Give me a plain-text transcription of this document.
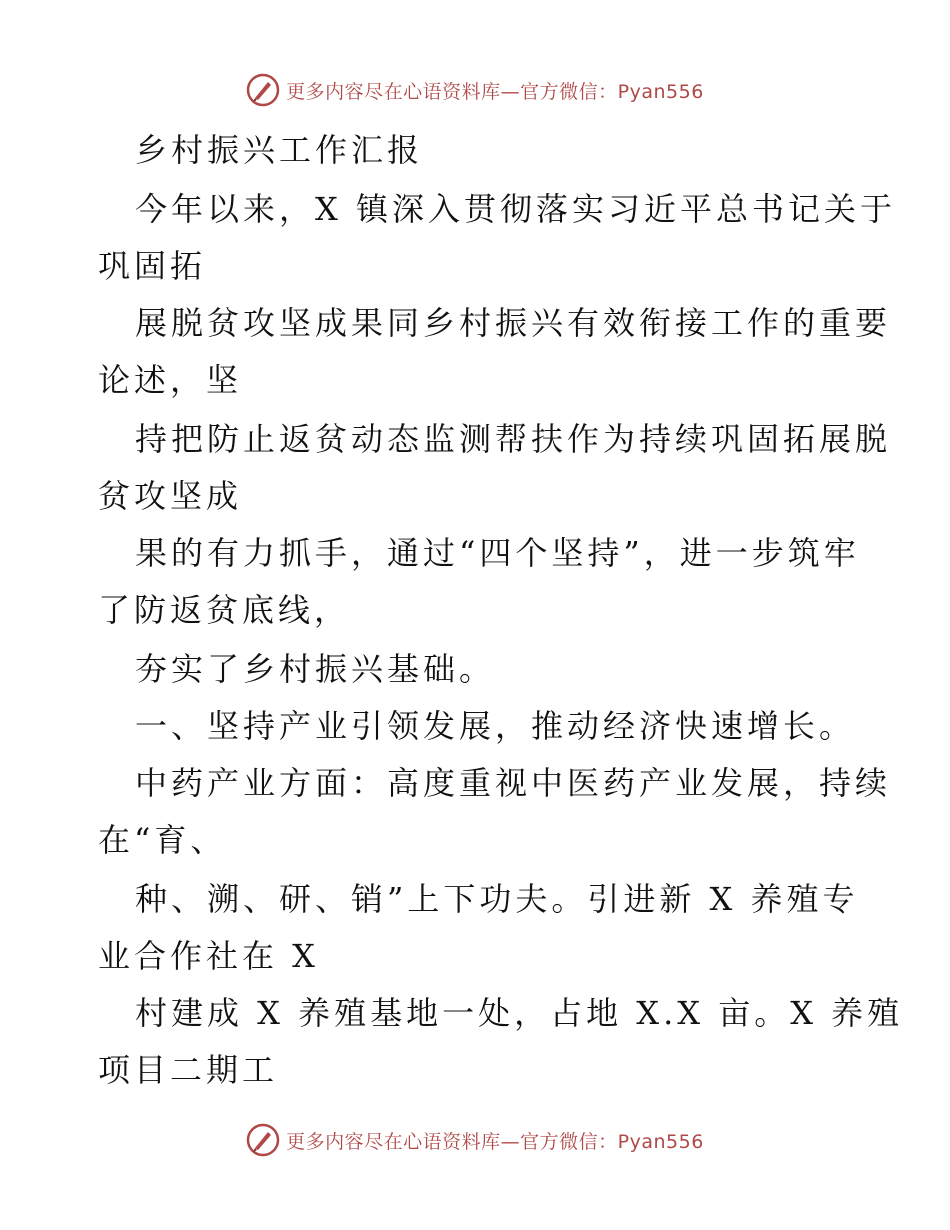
更多内容尽在心语资料库—官方微信：Pyan556
乡村振兴工作汇报
今年以来，X 镇深入贯彻落实习近平总书记关于
巩固拓
展脱贫攻坚成果同乡村振兴有效衔接工作的重要
论述，坚
持把防止返贫动态监测帮扶作为持续巩固拓展脱
贫攻坚成
果的有力抓手，通过“四个坚持”，进一步筑牢
了防返贫底线，
夯实了乡村振兴基础。
一、坚持产业引领发展，推动经济快速增长。
中药产业方面：高度重视中医药产业发展，持续
在“育、
种、溯、研、销”上下功夫。引进新 X 养殖专
业合作社在 X
村建成 X 养殖基地一处，占地 X.X 亩。X 养殖
项目二期工
更多内容尽在心语资料库—官方微信：Pyan556
